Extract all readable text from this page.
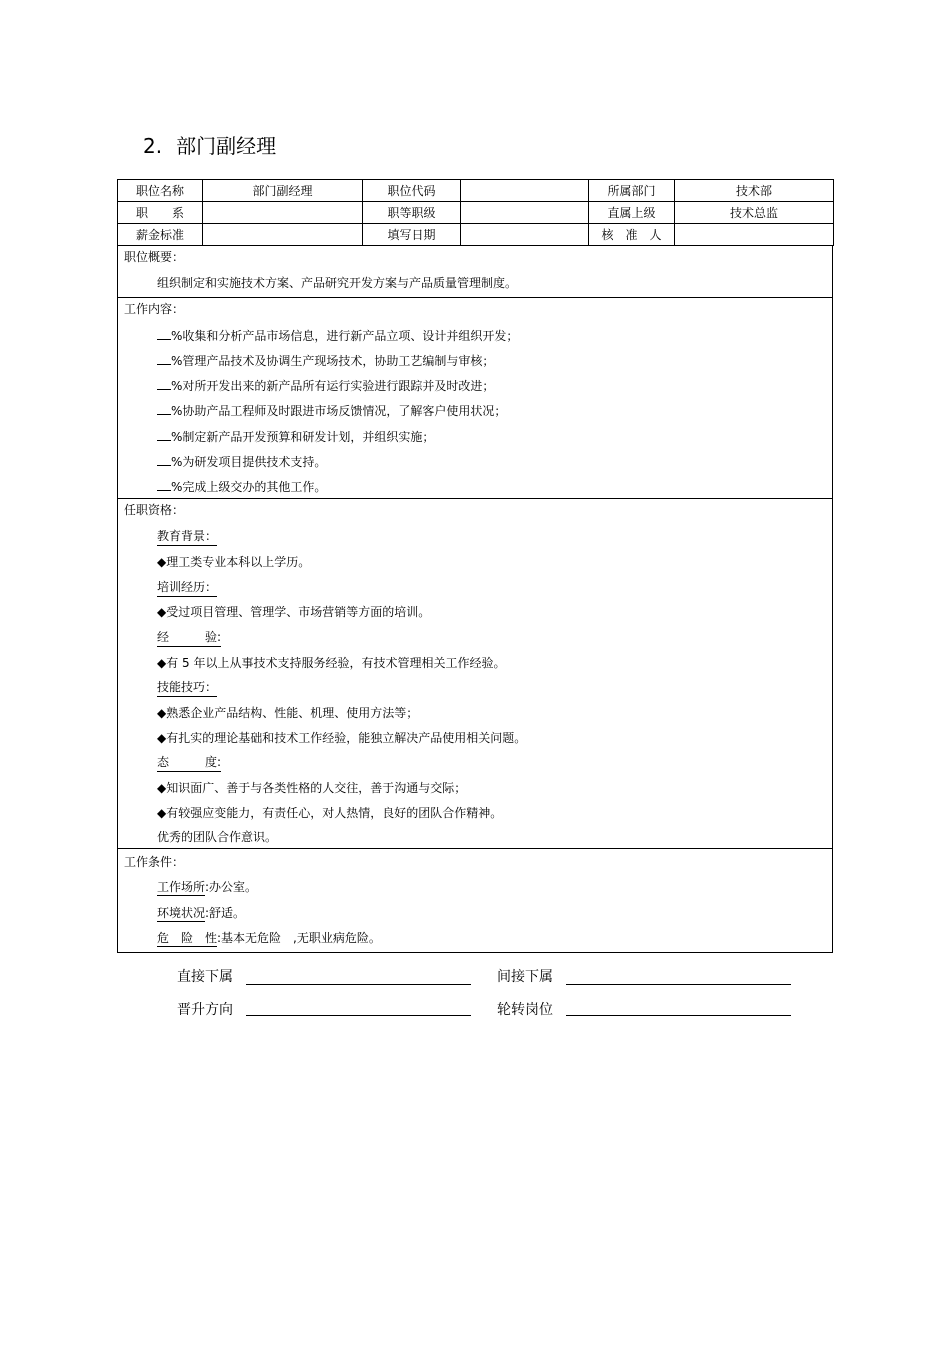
2. 部门副经理
职位名称	部门副经理	职位代码		所属部门	技术部
职　　系		职等职级		直属上级	技术总监
薪金标准		填写日期		核　准　人	
职位概要：
组织制定和实施技术方案、产品研究开发方案与产品质量管理制度。
工作内容：
%收集和分析产品市场信息，进行新产品立项、设计并组织开发；
%管理产品技术及协调生产现场技术，协助工艺编制与审核；
%对所开发出来的新产品所有运行实验进行跟踪并及时改进；
%协助产品工程师及时跟进市场反馈情况，了解客户使用状况；
%制定新产品开发预算和研发计划，并组织实施；
%为研发项目提供技术支持。
%完成上级交办的其他工作。
任职资格：
教育背景：
◆理工类专业本科以上学历。
培训经历：
◆受过项目管理、管理学、市场营销等方面的培训。
经　　　验:
◆有 5 年以上从事技术支持服务经验，有技术管理相关工作经验。
技能技巧：
◆熟悉企业产品结构、性能、机理、使用方法等；
◆有扎实的理论基础和技术工作经验，能独立解决产品使用相关问题。
态　　　度:
◆知识面广、善于与各类性格的人交往，善于沟通与交际；
◆有较强应变能力，有责任心，对人热情，良好的团队合作精神。
优秀的团队合作意识。
工作条件：
工作场所:办公室。
环境状况:舒适。
危　险　性:基本无危险　,无职业病危险。
直接下属	间接下属
晋升方向	轮转岗位
